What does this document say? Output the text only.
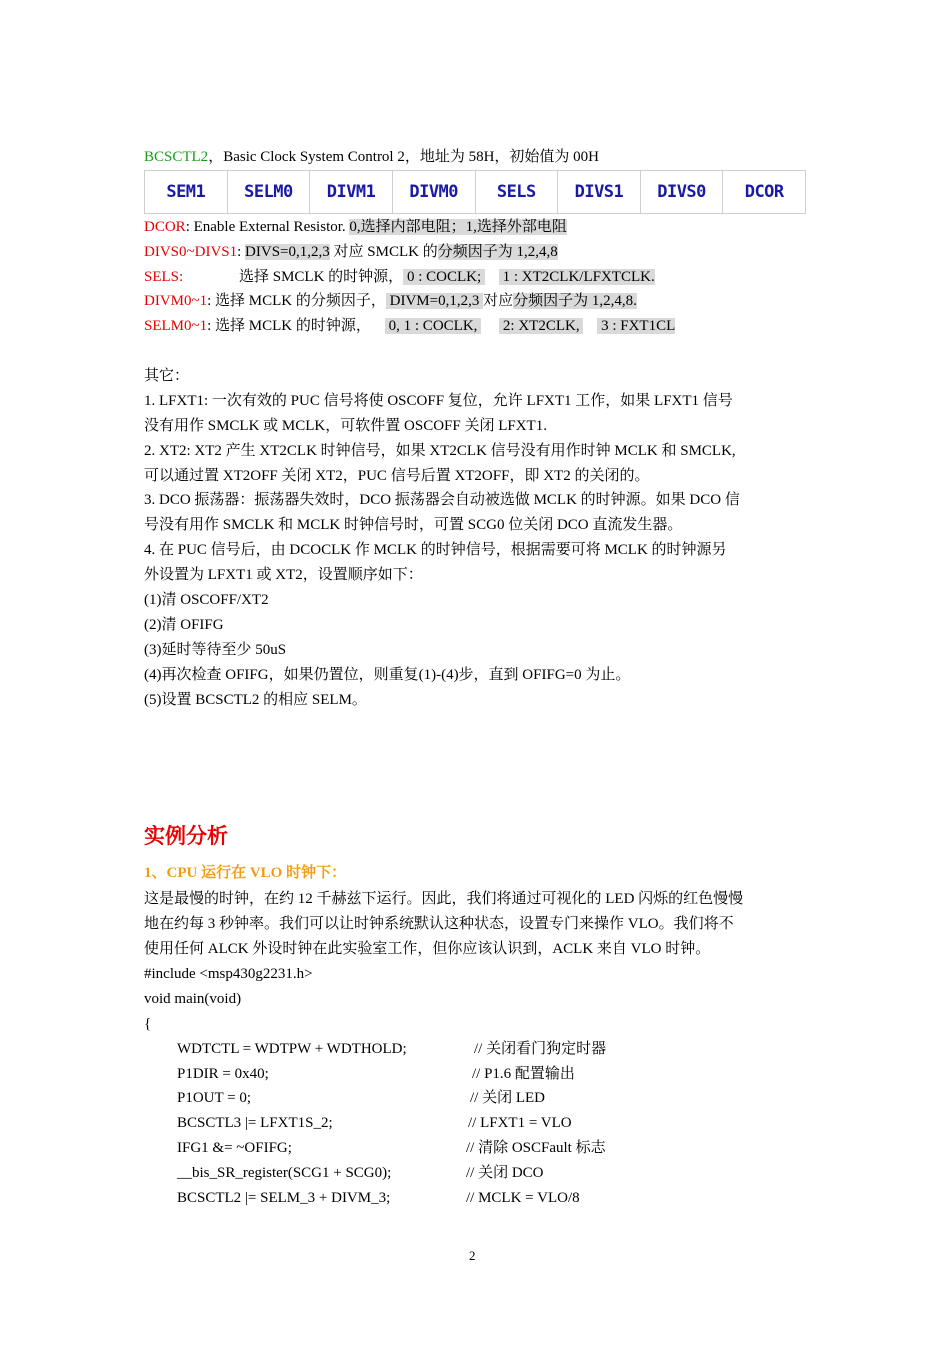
BCSCTL2，Basic Clock System Control 2，地址为 58H，初始值为 00H
SEM1	SELM0	DIVM1	DIVM0	SELS	DIVS1	DIVS0	DCOR
DCOR: Enable External Resistor. 0,选择内部电阻；1,选择外部电阻
DIVS0~DIVS1: DIVS=0,1,2,3 对应 SMCLK 的分频因子为 1,2,4,8
SELS:	选择 SMCLK 的时钟源， 0 : COCLK;  1 : XT2CLK/LFXTCLK.
DIVM0~1: 选择 MCLK 的分频因子， DIVM=0,1,2,3 对应分频因子为 1,2,4,8.
SELM0~1: 选择 MCLK 的时钟源， 0, 1 : COCLK,  2: XT2CLK,  3 : FXT1CL
其它：
1. LFXT1: 一次有效的 PUC 信号将使 OSCOFF 复位，允许 LFXT1 工作，如果 LFXT1 信号
没有用作 SMCLK 或 MCLK，可软件置 OSCOFF 关闭 LFXT1.
2. XT2: XT2 产生 XT2CLK 时钟信号，如果 XT2CLK 信号没有用作时钟 MCLK 和 SMCLK,
可以通过置 XT2OFF 关闭 XT2，PUC 信号后置 XT2OFF，即 XT2 的关闭的。
3. DCO 振荡器：振荡器失效时，DCO 振荡器会自动被选做 MCLK 的时钟源。如果 DCO 信
号没有用作 SMCLK 和 MCLK 时钟信号时，可置 SCG0 位关闭 DCO 直流发生器。
4. 在 PUC 信号后，由 DCOCLK 作 MCLK 的时钟信号，根据需要可将 MCLK 的时钟源另
外设置为 LFXT1 或 XT2，设置顺序如下：
(1)清 OSCOFF/XT2
(2)清 OFIFG
(3)延时等待至少 50uS
(4)再次检查 OFIFG，如果仍置位，则重复(1)-(4)步，直到 OFIFG=0 为止。
(5)设置 BCSCTL2 的相应 SELM。
实例分析
1、CPU 运行在 VLO 时钟下：
这是最慢的时钟，在约 12 千赫兹下运行。因此，我们将通过可视化的 LED 闪烁的红色慢慢
地在约每 3 秒钟率。我们可以让时钟系统默认这种状态，设置专门来操作 VLO。我们将不
使用任何 ALCK 外设时钟在此实验室工作，但你应该认识到，ACLK 来自 VLO 时钟。
#include <msp430g2231.h>
void main(void)
{
WDTCTL = WDTPW + WDTHOLD;	// 关闭看门狗定时器
P1DIR = 0x40;	// P1.6 配置输出
P1OUT = 0;	// 关闭 LED
BCSCTL3 |= LFXT1S_2;	// LFXT1 = VLO
IFG1 &= ~OFIFG;	// 清除 OSCFault 标志
__bis_SR_register(SCG1 + SCG0);	// 关闭 DCO
BCSCTL2 |= SELM_3 + DIVM_3;	// MCLK = VLO/8
2
